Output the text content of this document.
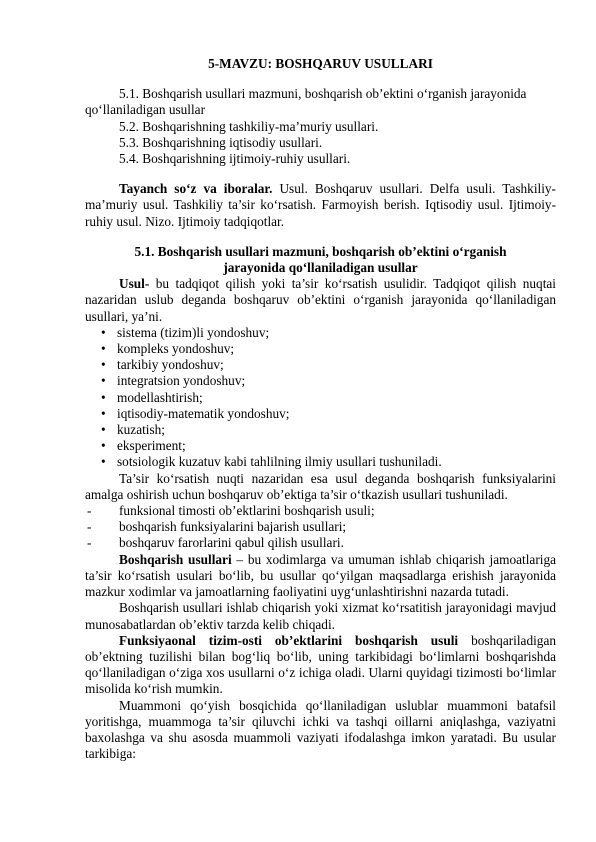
5-MAVZU: BOSHQARUV USULLARI

5.1. Boshqarish usullari mazmuni, boshqarish ob’ektini o‘rganish jarayonida

qo‘llaniladigan usullar

5.2. Boshqarishning tashkiliy-ma’muriy usullari.

5.3. Boshqarishning iqtisodiy usullari.

5.4. Boshqarishning ijtimoiy-ruhiy usullari.

Tayanch so‘z va iboralar. Usul. Boshqaruv usullari. Delfa usuli. Tashkiliy-ma’muriy usul. Tashkiliy ta’sir ko‘rsatish. Farmoyish berish. Iqtisodiy usul. Ijtimoiy-ruhiy usul. Nizo. Ijtimoiy tadqiqotlar.

5.1. Boshqarish usullari mazmuni, boshqarish ob’ektini o‘rganish jarayonida qo‘llaniladigan usullar

Usul- bu tadqiqot qilish yoki ta’sir ko‘rsatish usulidir. Tadqiqot qilish nuqtai nazaridan uslub deganda boshqaruv ob’ektini o‘rganish jarayonida qo‘llaniladigan usullari, ya’ni.

• sistema (tizim)li yondoshuv;
• kompleks yondoshuv;
• tarkibiy yondoshuv;
• integratsion yondoshuv;
• modellashtirish;
• iqtisodiy-matematik yondoshuv;
• kuzatish;
• eksperiment;
• sotsiologik kuzatuv kabi tahlilning ilmiy usullari tushuniladi.

Ta’sir ko‘rsatish nuqti nazaridan esa usul deganda boshqarish funksiyalarini amalga oshirish uchun boshqaruv ob’ektiga ta’sir o‘tkazish usullari tushuniladi.

- funksional timosti ob’ektlarini boshqarish usuli;
- boshqarish funksiyalarini bajarish usullari;
- boshqaruv farorlarini qabul qilish usullari.

Boshqarish usullari – bu xodimlarga va umuman ishlab chiqarish jamoatlariga ta’sir ko‘rsatish usulari bo‘lib, bu usullar qo‘yilgan maqsadlarga erishish jarayonida mazkur xodimlar va jamoatlarning faoliyatini uyg‘unlashtirishni nazarda tutadi.

Boshqarish usullari ishlab chiqarish yoki xizmat ko‘rsatitish jarayonidagi mavjud munosabatlardan ob’ektiv tarzda kelib chiqadi.

Funksiyaonal tizim-osti ob’ektlarini boshqarish usuli boshqariladigan ob’ektning tuzilishi bilan bog‘liq bo‘lib, uning tarkibidagi bo‘limlarni boshqarishda qo‘llaniladigan o‘ziga xos usullarni o‘z ichiga oladi. Ularni quyidagi tizimosti bo‘limlar misolida ko‘rish mumkin.

Muammoni qo‘yish bosqichida qo‘llaniladigan uslublar muammoni batafsil yoritishga, muammoga ta’sir qiluvchi ichki va tashqi oillarni aniqlashga, vaziyatni baxolashga va shu asosda muammoli vaziyati ifodalashga imkon yaratadi. Bu usular tarkibiga:
